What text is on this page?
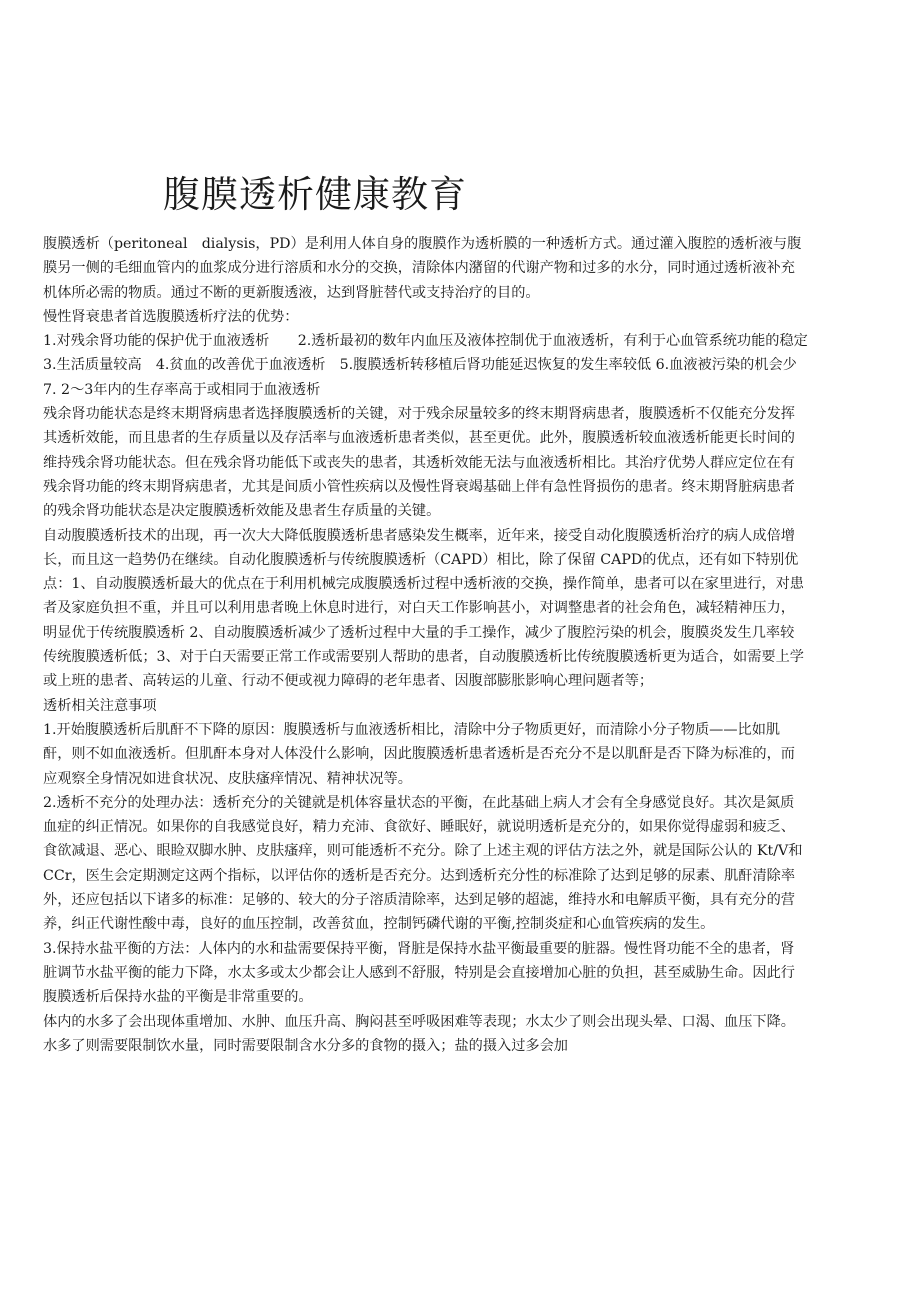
腹膜透析健康教育

腹膜透析（peritoneal　dialysis，PD）是利用人体自身的腹膜作为透析膜的一种透析方式。通过灌入腹腔的透析液与腹膜另一侧的毛细血管内的血浆成分进行溶质和水分的交换，清除体内潴留的代谢产物和过多的水分，同时通过透析液补充机体所必需的物质。通过不断的更新腹透液，达到肾脏替代或支持治疗的目的。

慢性肾衰患者首选腹膜透析疗法的优势：

1.对残余肾功能的保护优于血液透析　　2.透析最初的数年内血压及液体控制优于血液透析，有利于心血管系统功能的稳定 3.生活质量较高　4.贫血的改善优于血液透析　5.腹膜透析转移植后肾功能延迟恢复的发生率较低 6.血液被污染的机会少　7. 2～3年内的生存率高于或相同于血液透析

残余肾功能状态是终末期肾病患者选择腹膜透析的关键，对于残余尿量较多的终末期肾病患者，腹膜透析不仅能充分发挥其透析效能，而且患者的生存质量以及存活率与血液透析患者类似，甚至更优。此外，腹膜透析较血液透析能更长时间的维持残余肾功能状态。但在残余肾功能低下或丧失的患者，其透析效能无法与血液透析相比。其治疗优势人群应定位在有残余肾功能的终末期肾病患者，尤其是间质小管性疾病以及慢性肾衰竭基础上伴有急性肾损伤的患者。终末期肾脏病患者的残余肾功能状态是决定腹膜透析效能及患者生存质量的关键。

自动腹膜透析技术的出现，再一次大大降低腹膜透析患者感染发生概率，近年来，接受自动化腹膜透析治疗的病人成倍增长，而且这一趋势仍在继续。自动化腹膜透析与传统腹膜透析（CAPD）相比，除了保留 CAPD的优点，还有如下特别优点：1、自动腹膜透析最大的优点在于利用机械完成腹膜透析过程中透析液的交换，操作简单，患者可以在家里进行，对患者及家庭负担不重，并且可以利用患者晚上休息时进行，对白天工作影响甚小，对调整患者的社会角色，减轻精神压力，明显优于传统腹膜透析 2、自动腹膜透析减少了透析过程中大量的手工操作，减少了腹腔污染的机会，腹膜炎发生几率较传统腹膜透析低；3、对于白天需要正常工作或需要别人帮助的患者，自动腹膜透析比传统腹膜透析更为适合，如需要上学或上班的患者、高转运的儿童、行动不便或视力障碍的老年患者、因腹部膨胀影响心理问题者等；

透析相关注意事项

1.开始腹膜透析后肌酐不下降的原因：腹膜透析与血液透析相比，清除中分子物质更好，而清除小分子物质——比如肌酐，则不如血液透析。但肌酐本身对人体没什么影响，因此腹膜透析患者透析是否充分不是以肌酐是否下降为标准的，而应观察全身情况如进食状况、皮肤瘙痒情况、精神状况等。

2.透析不充分的处理办法：透析充分的关键就是机体容量状态的平衡，在此基础上病人才会有全身感觉良好。其次是氮质血症的纠正情况。如果你的自我感觉良好，精力充沛、食欲好、睡眠好，就说明透析是充分的，如果你觉得虚弱和疲乏、食欲减退、恶心、眼睑双脚水肿、皮肤瘙痒，则可能透析不充分。除了上述主观的评估方法之外，就是国际公认的 Kt/V和　CCr，医生会定期测定这两个指标，以评估你的透析是否充分。达到透析充分性的标准除了达到足够的尿素、肌酐清除率外，还应包括以下诸多的标准：足够的、较大的分子溶质清除率，达到足够的超滤，维持水和电解质平衡，具有充分的营养，纠正代谢性酸中毒，良好的血压控制，改善贫血，控制钙磷代谢的平衡,控制炎症和心血管疾病的发生。

3.保持水盐平衡的方法：人体内的水和盐需要保持平衡，肾脏是保持水盐平衡最重要的脏器。慢性肾功能不全的患者，肾脏调节水盐平衡的能力下降，水太多或太少都会让人感到不舒服，特别是会直接增加心脏的负担，甚至威胁生命。因此行腹膜透析后保持水盐的平衡是非常重要的。

体内的水多了会出现体重增加、水肿、血压升高、胸闷甚至呼吸困难等表现；水太少了则会出现头晕、口渴、血压下降。水多了则需要限制饮水量，同时需要限制含水分多的食物的摄入；盐的摄入过多会加
